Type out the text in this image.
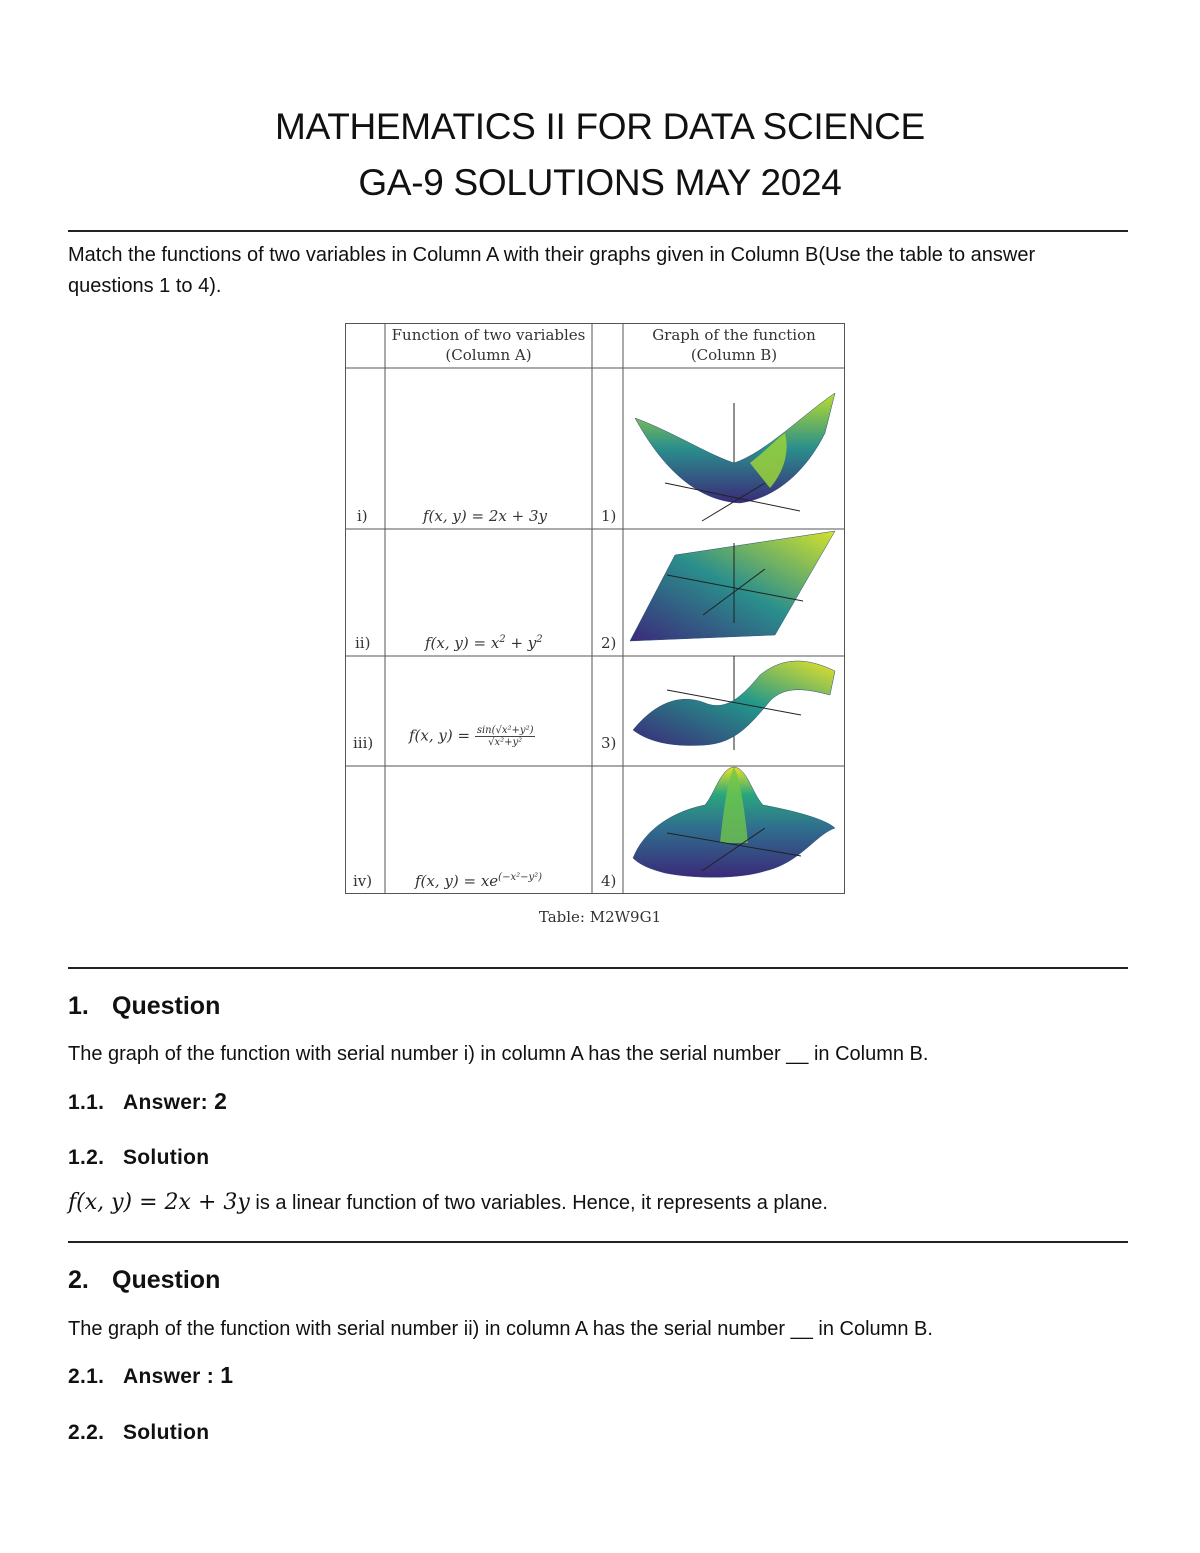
MATHEMATICS II FOR DATA SCIENCE
GA-9 SOLUTIONS MAY 2024

Match the functions of two variables in Column A with their graphs given in Column B(Use the table to answer questions 1 to 4).

Function of two variables
(Column A)
Graph of the function
(Column B)
i)
ii)
iii)
iv)
1)
2)
3)
4)
f(x, y) = 2x + 3y
f(x, $y) = x^2 + y^2$
f(x, $y) = \frac{\text{sin(√x²+y²)}}{\text{√x²+y²}}$
f(x, $y) = xe^{(-x^2-y^2)}$
Table: M2W9G1
1. Question

The graph of the function with serial number i) in column A has the serial number __ in Column B.

1.1. Answer: 2
1.2. Solution

f(x, y) = 2x + 3y is a linear function of two variables. Hence, it represents a plane.

2. Question

The graph of the function with serial number ii) in column A has the serial number __ in Column B.

2.1. Answer : 1
2.2. Solution
